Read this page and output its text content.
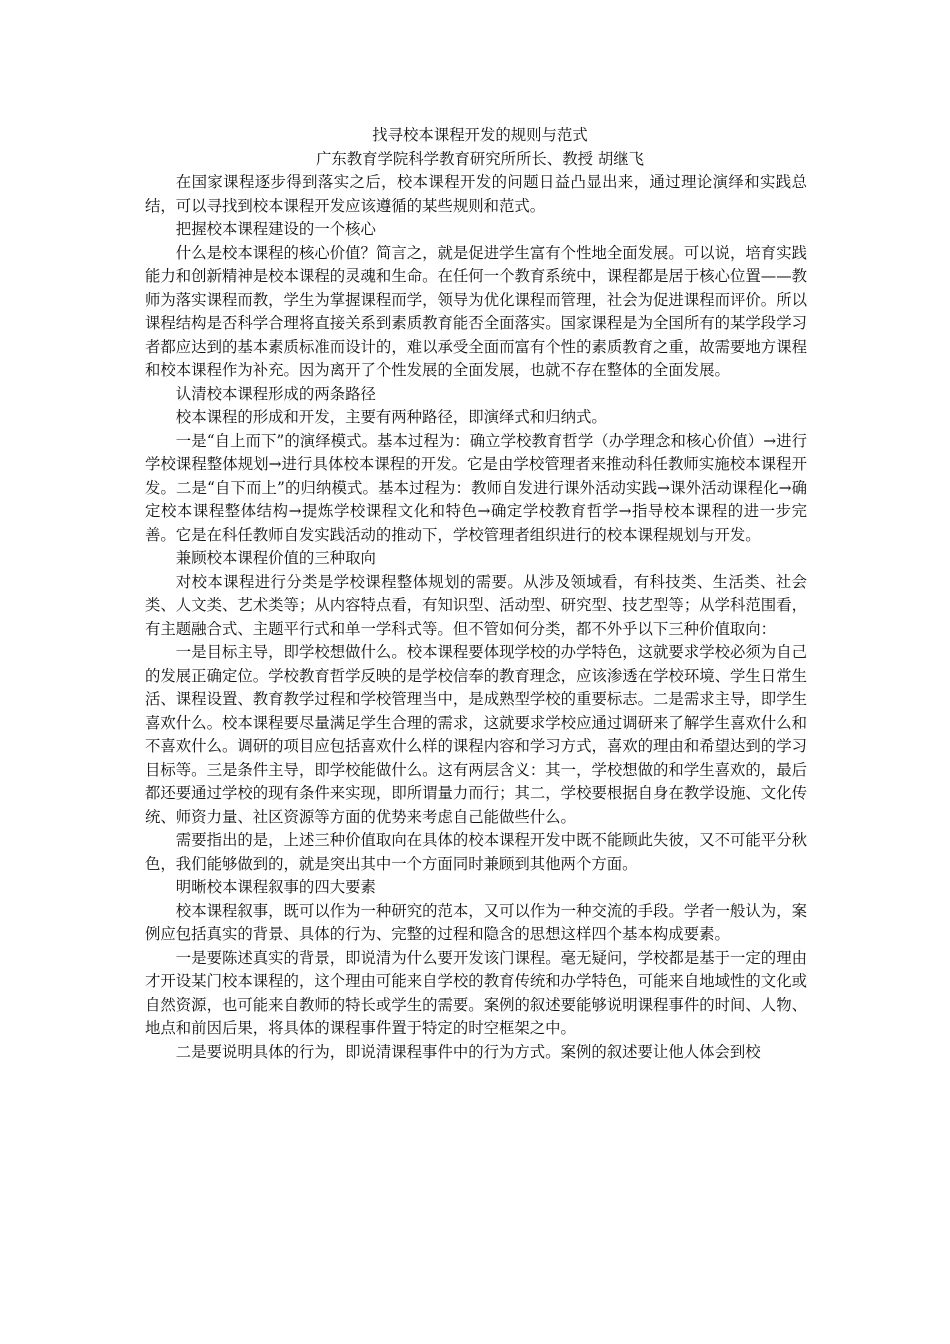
找寻校本课程开发的规则与范式
广东教育学院科学教育研究所所长、教授 胡继飞

在国家课程逐步得到落实之后，校本课程开发的问题日益凸显出来，通过理论演绎和实践总结，可以寻找到校本课程开发应该遵循的某些规则和范式。

把握校本课程建设的一个核心

什么是校本课程的核心价值？简言之，就是促进学生富有个性地全面发展。可以说，培育实践能力和创新精神是校本课程的灵魂和生命。在任何一个教育系统中，课程都是居于核心位置——教师为落实课程而教，学生为掌握课程而学，领导为优化课程而管理，社会为促进课程而评价。所以课程结构是否科学合理将直接关系到素质教育能否全面落实。国家课程是为全国所有的某学段学习者都应达到的基本素质标准而设计的，难以承受全面而富有个性的素质教育之重，故需要地方课程和校本课程作为补充。因为离开了个性发展的全面发展，也就不存在整体的全面发展。

认清校本课程形成的两条路径

校本课程的形成和开发，主要有两种路径，即演绎式和归纳式。

一是“自上而下”的演绎模式。基本过程为：确立学校教育哲学（办学理念和核心价值）→进行学校课程整体规划→进行具体校本课程的开发。它是由学校管理者来推动科任教师实施校本课程开发。二是“自下而上”的归纳模式。基本过程为：教师自发进行课外活动实践→课外活动课程化→确定校本课程整体结构→提炼学校课程文化和特色→确定学校教育哲学→指导校本课程的进一步完善。它是在科任教师自发实践活动的推动下，学校管理者组织进行的校本课程规划与开发。

兼顾校本课程价值的三种取向

对校本课程进行分类是学校课程整体规划的需要。从涉及领域看，有科技类、生活类、社会类、人文类、艺术类等；从内容特点看，有知识型、活动型、研究型、技艺型等；从学科范围看，有主题融合式、主题平行式和单一学科式等。但不管如何分类，都不外乎以下三种价值取向：

一是目标主导，即学校想做什么。校本课程要体现学校的办学特色，这就要求学校必须为自己的发展正确定位。学校教育哲学反映的是学校信奉的教育理念，应该渗透在学校环境、学生日常生活、课程设置、教育教学过程和学校管理当中，是成熟型学校的重要标志。二是需求主导，即学生喜欢什么。校本课程要尽量满足学生合理的需求，这就要求学校应通过调研来了解学生喜欢什么和不喜欢什么。调研的项目应包括喜欢什么样的课程内容和学习方式，喜欢的理由和希望达到的学习目标等。三是条件主导，即学校能做什么。这有两层含义：其一，学校想做的和学生喜欢的，最后都还要通过学校的现有条件来实现，即所谓量力而行；其二，学校要根据自身在教学设施、文化传统、师资力量、社区资源等方面的优势来考虑自己能做些什么。

需要指出的是，上述三种价值取向在具体的校本课程开发中既不能顾此失彼，又不可能平分秋色，我们能够做到的，就是突出其中一个方面同时兼顾到其他两个方面。

明晰校本课程叙事的四大要素

校本课程叙事，既可以作为一种研究的范本，又可以作为一种交流的手段。学者一般认为，案例应包括真实的背景、具体的行为、完整的过程和隐含的思想这样四个基本构成要素。

一是要陈述真实的背景，即说清为什么要开发该门课程。毫无疑问，学校都是基于一定的理由才开设某门校本课程的，这个理由可能来自学校的教育传统和办学特色，可能来自地域性的文化或自然资源，也可能来自教师的特长或学生的需要。案例的叙述要能够说明课程事件的时间、人物、地点和前因后果，将具体的课程事件置于特定的时空框架之中。

二是要说明具体的行为，即说清课程事件中的行为方式。案例的叙述要让他人体会到校
